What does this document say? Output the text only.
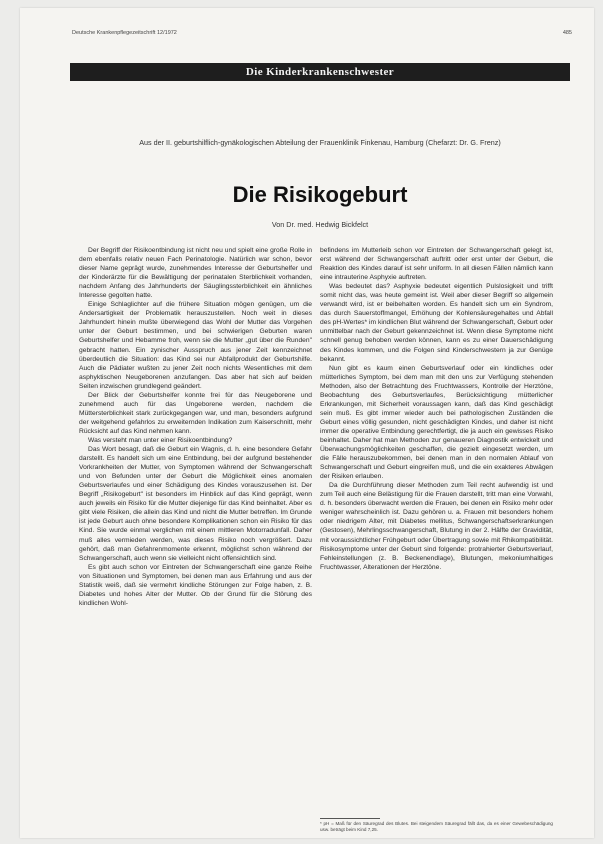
Deutsche Krankenpflegezeitschrift 12/1972	485
Die Kinderkrankenschwester
Aus der II. geburtshilflich-gynäkologischen Abteilung der Frauenklinik Finkenau, Hamburg (Chefarzt: Dr. G. Frenz)
Die Risikogeburt
Von Dr. med. Hedwig Bickfelct

Der Begriff der Risikoentbindung ist nicht neu und spielt eine große Rolle in dem ebenfalls relativ neuen Fach Perinatologie. Natürlich war schon, bevor dieser Name geprägt wurde, zunehmendes Interesse der Geburtshelfer und der Kinderärzte für die Bewältigung der perinatalen Sterblichkeit vorhanden, nachdem Anfang des Jahrhunderts der Säuglingssterblichkeit ein ähnliches Interesse gegolten hatte.

Einige Schlaglichter auf die frühere Situation mögen genügen, um die Andersartigkeit der Problematik herauszustellen. Noch weit in dieses Jahrhundert hinein mußte überwiegend das Wohl der Mutter das Vorgehen unter der Geburt bestimmen, und bei schwierigen Geburten waren Geburtshelfer und Hebamme froh, wenn sie die Mutter „gut über die Runden" gebracht hatten. Ein zynischer Ausspruch aus jener Zeit kennzeichnet überdeutlich die Situation: das Kind sei nur Abfallprodukt der Geburtshilfe. Auch die Pädiater wußten zu jener Zeit noch nichts Wesentliches mit dem asphyktischen Neugeborenen anzufangen. Das aber hat sich auf beiden Seiten inzwischen grundlegend geändert.

Der Blick der Geburtshelfer konnte frei für das Neugeborene und zunehmend auch für das Ungeborene werden, nachdem die Müttersterblichkeit stark zurückgegangen war, und man, besonders aufgrund der weitgehend gefahrlos zu erweiternden Indikation zum Kaiserschnitt, mehr Rücksicht auf das Kind nehmen kann.

Was versteht man unter einer Risikoentbindung?

Das Wort besagt, daß die Geburt ein Wagnis, d. h. eine besondere Gefahr darstellt. Es handelt sich um eine Entbindung, bei der aufgrund bestehender Vorkrankheiten der Mutter, von Symptomen während der Schwangerschaft und von Befunden unter der Geburt die Möglichkeit eines anomalen Geburtsverlaufes und einer Schädigung des Kindes vorauszusehen ist. Der Begriff „Risikogeburt" ist besonders im Hinblick auf das Kind geprägt, wenn auch jeweils ein Risiko für die Mutter diejenige für das Kind beinhaltet. Aber es gibt viele Risiken, die allein das Kind und nicht die Mutter betreffen. Im Grunde ist jede Geburt auch ohne besondere Komplikationen schon ein Risiko für das Kind. Sie wurde einmal verglichen mit einem mittleren Motorradunfall. Daher muß alles vermieden werden, was dieses Risiko noch vergrößert. Dazu gehört, daß man Gefahrenmomente erkennt, möglichst schon während der Schwangerschaft, auch wenn sie vielleicht nicht offensichtlich sind.

Es gibt auch schon vor Eintreten der Schwangerschaft eine ganze Reihe von Situationen und Symptomen, bei denen man aus Erfahrung und aus der Statistik weiß, daß sie vermehrt kindliche Störungen zur Folge haben, z. B. Diabetes und hohes Alter der Mutter. Ob der Grund für die Störung des kindlichen Wohl-

befindens im Mutterleib schon vor Eintreten der Schwangerschaft gelegt ist, erst während der Schwangerschaft auftritt oder erst unter der Geburt, die Reaktion des Kindes darauf ist sehr uniform. In all diesen Fällen nämlich kann eine intrauterine Asphyxie auftreten.

Was bedeutet das? Asphyxie bedeutet eigentlich Pulslosigkeit und trifft somit nicht das, was heute gemeint ist. Weil aber dieser Begriff so allgemein verwandt wird, ist er beibehalten worden. Es handelt sich um ein Syndrom, das durch Sauerstoffmangel, Erhöhung der Kohlensäuregehaltes und Abfall des pH-Wertes* im kindlichen Blut während der Schwangerschaft, Geburt oder unmittelbar nach der Geburt gekennzeichnet ist. Wenn diese Symptome nicht schnell genug behoben werden können, kann es zu einer Dauerschädigung des Kindes kommen, und die Folgen sind Kinderschwestern ja zur Genüge bekannt.

Nun gibt es kaum einen Geburtsverlauf oder ein kindliches oder mütterliches Symptom, bei dem man mit den uns zur Verfügung stehenden Methoden, also der Betrachtung des Fruchtwassers, Kontrolle der Herztöne, Beobachtung des Geburtsverlaufes, Berücksichtigung mütterlicher Erkrankungen, mit Sicherheit voraussagen kann, daß das Kind geschädigt sein muß. Es gibt immer wieder auch bei pathologischen Zuständen die Geburt eines völlig gesunden, nicht geschädigten Kindes, und daher ist nicht immer die operative Entbindung gerechtfertigt, die ja auch ein gewisses Risiko beinhaltet. Daher hat man Methoden zur genaueren Diagnostik entwickelt und Überwachungsmöglichkeiten geschaffen, die gezielt eingesetzt werden, um die Fälle herauszubekommen, bei denen man in den normalen Ablauf von Schwangerschaft und Geburt eingreifen muß, und die ein exakteres Abwägen der Risiken erlauben.

Da die Durchführung dieser Methoden zum Teil recht aufwendig ist und zum Teil auch eine Belästigung für die Frauen darstellt, tritt man eine Vorwahl, d. h. besonders überwacht werden die Frauen, bei denen ein Risiko mehr oder weniger wahrscheinlich ist. Dazu gehören u. a. Frauen mit besonders hohem oder niedrigem Alter, mit Diabetes mellitus, Schwangerschaftserkrankungen (Gestosen), Mehrlingsschwangerschaft, Blutung in der 2. Hälfte der Gravidität, mit voraussichtlicher Frühgeburt oder Übertragung sowie mit Rhikompatibilität. Risikosymptome unter der Geburt sind folgende: protrahierter Geburtsverlauf, Fehleinstellungen (z. B. Beckenendlage), Blutungen, mekoniumhaltiges Fruchtwasser, Alterationen der Herztöne.

* pH = Maß für den Säuregrad des Blutes. Bei steigendem Säuregrad fällt das, da es einer Gewebeschädigung usw. beträgt beim Kind 7,25.
